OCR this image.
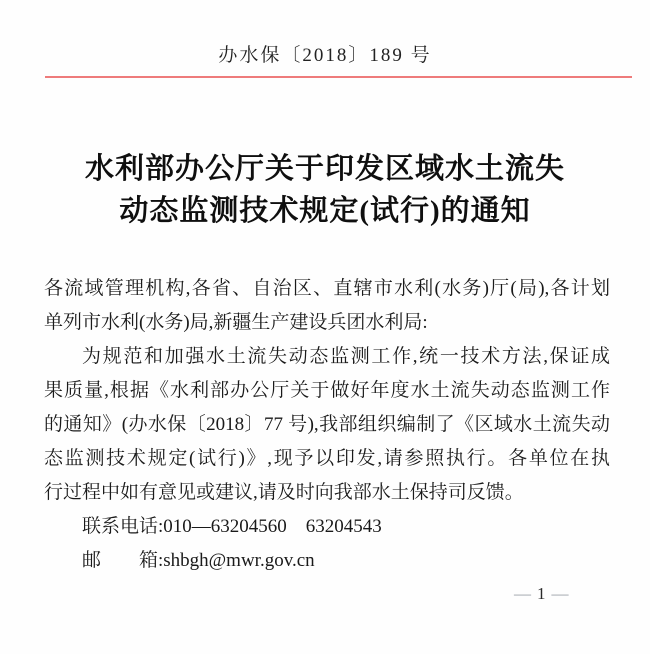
办水保〔2018〕189 号
水利部办公厅关于印发区域水土流失
动态监测技术规定(试行)的通知
各流域管理机构,各省、自治区、直辖市水利(水务)厅(局),各计划
单列市水利(水务)局,新疆生产建设兵团水利局:
为规范和加强水土流失动态监测工作,统一技术方法,保证成
果质量,根据《水利部办公厅关于做好年度水土流失动态监测工作
的通知》(办水保〔2018〕77 号),我部组织编制了《区域水土流失动
态监测技术规定(试行)》,现予以印发,请参照执行。各单位在执
行过程中如有意见或建议,请及时向我部水土保持司反馈。
联系电话:010—63204560　63204543
邮　　箱:shbgh@mwr.gov.cn
— 1 —
